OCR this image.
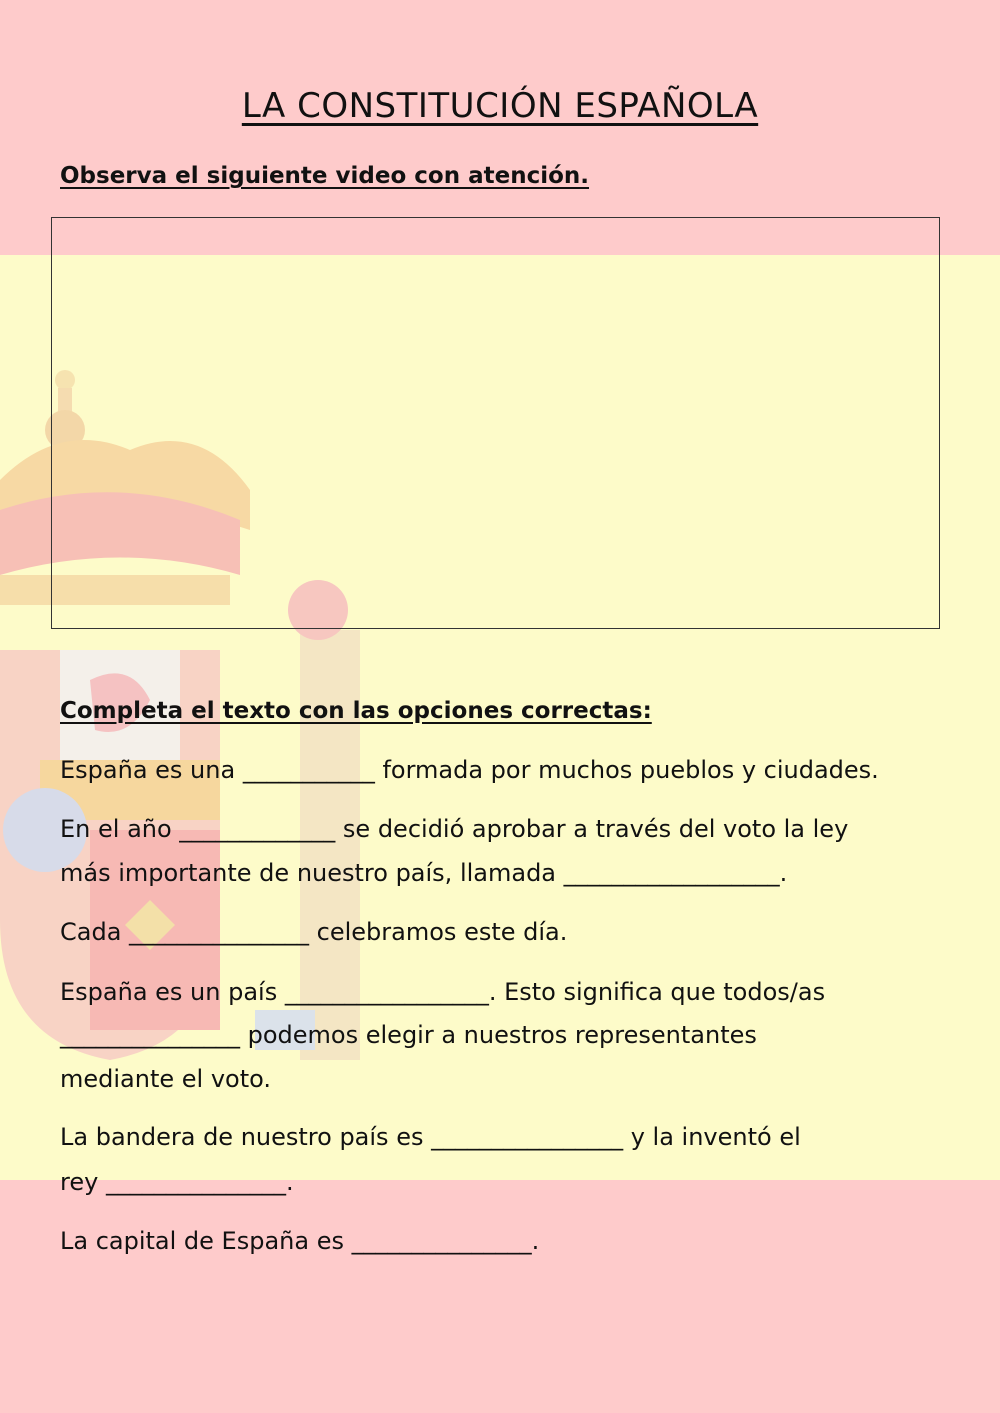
LA CONSTITUCIÓN ESPAÑOLA
Observa el siguiente video con atención.
Completa el texto con las opciones correctas:
España es una ___________ formada por muchos pueblos y ciudades.
En el año _____________ se decidió aprobar a través del voto la ley
más importante de nuestro país, llamada __________________.
Cada _______________ celebramos este día.
España es un país _________________. Esto significa que todos/as
_______________ podemos elegir a nuestros representantes
mediante el voto.
La bandera de nuestro país es ________________ y la inventó el
rey _______________.
La capital de España es _______________.
